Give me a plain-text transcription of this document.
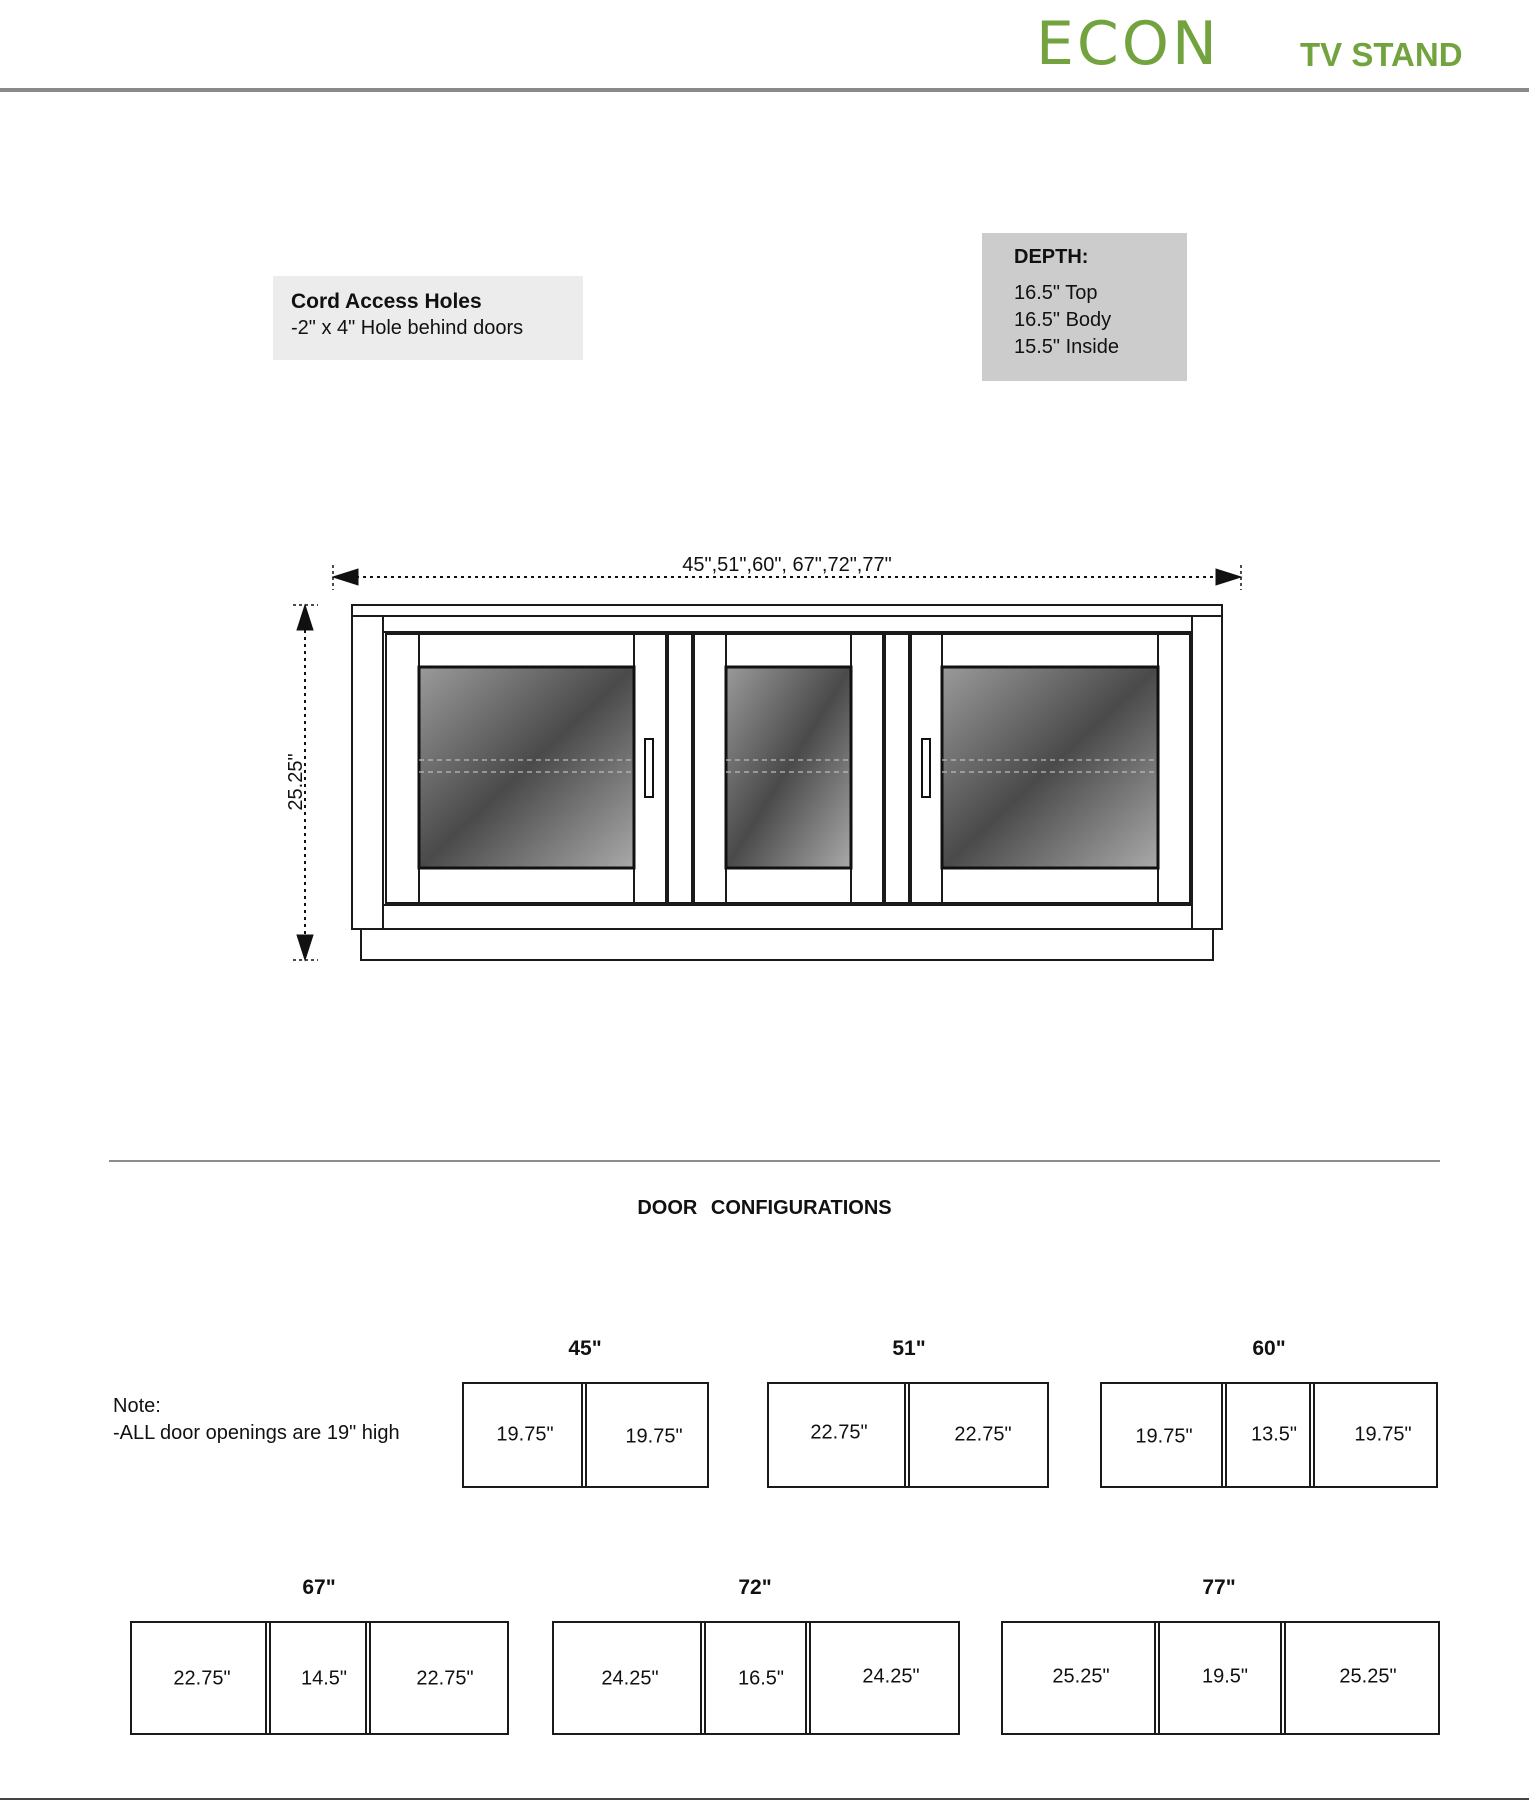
ECON TV STAND
Cord Access Holes
-2" x 4" Hole behind doors
DEPTH:
16.5" Top
16.5" Body
15.5" Inside
45",51",60", 67",72",77"
25.25"
DOOR CONFIGURATIONS
Note:
-ALL door openings are 19" high
45"
19.75"	19.75"
51"
22.75"	22.75"
60"
19.75"	13.5"	19.75"
67"
22.75"	14.5"	22.75"
72"
24.25"	16.5"	24.25"
77"
25.25"	19.5"	25.25"
